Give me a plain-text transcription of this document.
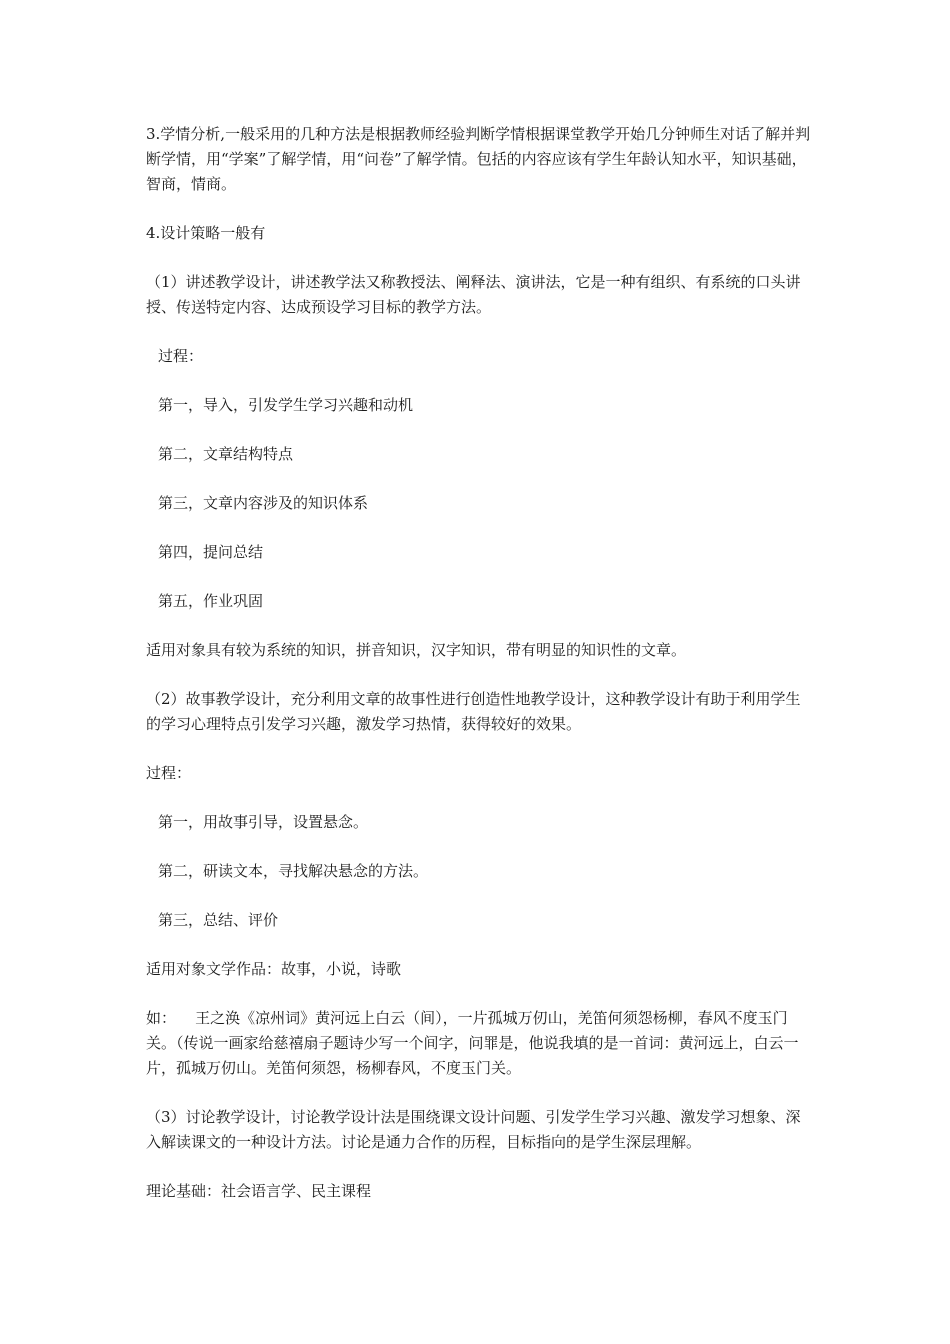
3.学情分析,一般采用的几种方法是根据教师经验判断学情根据课堂教学开始几分钟师生对话了解并判断学情，用“学案”了解学情，用“问卷”了解学情。包括的内容应该有学生年龄认知水平，知识基础，智商，情商。

4.设计策略一般有

（1）讲述教学设计，讲述教学法又称教授法、阐释法、演讲法，它是一种有组织、有系统的口头讲授、传送特定内容、达成预设学习目标的教学方法。

过程：

第一，导入，引发学生学习兴趣和动机

第二，文章结构特点

第三，文章内容涉及的知识体系

第四，提问总结

第五，作业巩固

适用对象具有较为系统的知识，拼音知识，汉字知识，带有明显的知识性的文章。

（2）故事教学设计，充分利用文章的故事性进行创造性地教学设计，这种教学设计有助于利用学生的学习心理特点引发学习兴趣，激发学习热情，获得较好的效果。

过程：

第一，用故事引导，设置悬念。

第二，研读文本，寻找解决悬念的方法。

第三，总结、评价

适用对象文学作品：故事，小说，诗歌

如：    王之涣《凉州词》黄河远上白云（间），一片孤城万仞山，羌笛何须怨杨柳，春风不度玉门关。（传说一画家给慈禧扇子题诗少写一个间字，问罪是，他说我填的是一首词：黄河远上，白云一片，孤城万仞山。羌笛何须怨，杨柳春风，不度玉门关。

（3）讨论教学设计，讨论教学设计法是围绕课文设计问题、引发学生学习兴趣、激发学习想象、深入解读课文的一种设计方法。讨论是通力合作的历程，目标指向的是学生深层理解。

理论基础：社会语言学、民主课程
